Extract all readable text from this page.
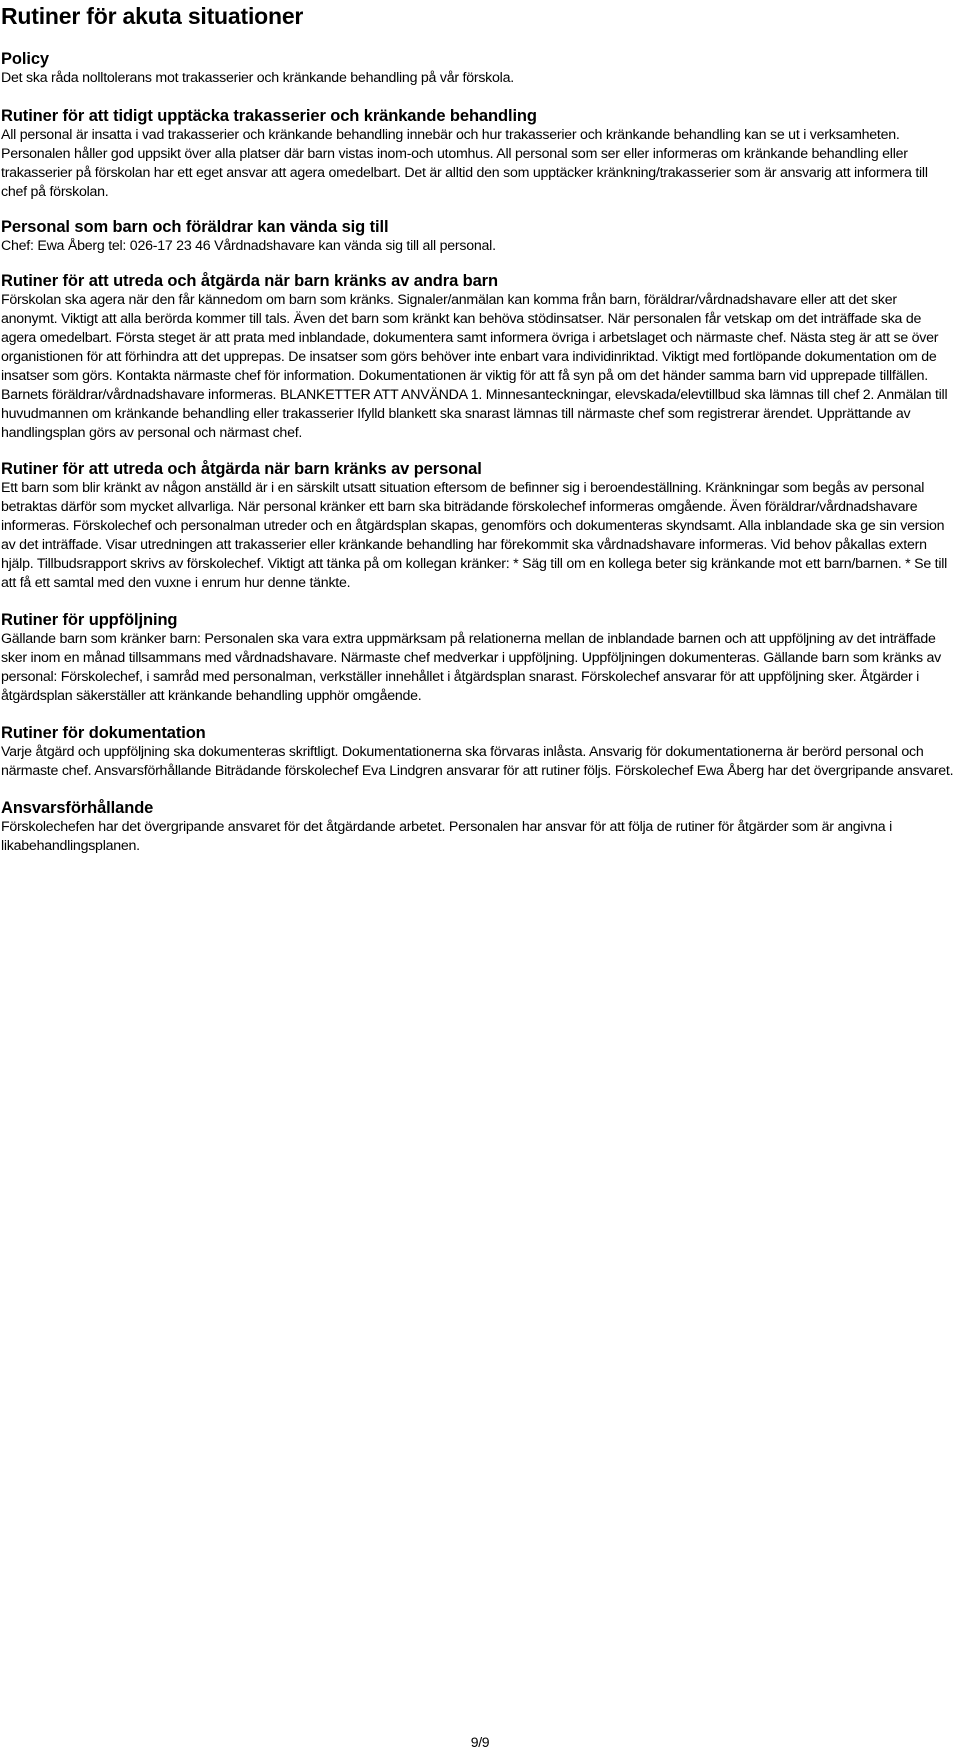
Rutiner för akuta situationer
Policy

Det ska råda nolltolerans mot trakasserier och kränkande behandling på vår förskola.

Rutiner för att tidigt upptäcka trakasserier och kränkande behandling

All personal är insatta i vad trakasserier och kränkande behandling innebär och hur trakasserier och kränkande behandling kan se ut i verksamheten. Personalen håller god uppsikt över alla platser där barn vistas inom-och utomhus. All personal som ser eller informeras om kränkande behandling eller trakasserier på förskolan har ett eget ansvar att agera omedelbart. Det är alltid den som upptäcker kränkning/trakasserier som är ansvarig att informera till chef på förskolan.

Personal som barn och föräldrar kan vända sig till

Chef: Ewa Åberg tel: 026-17 23 46 Vårdnadshavare kan vända sig till all personal.

Rutiner för att utreda och åtgärda när barn kränks av andra barn

Förskolan ska agera när den får kännedom om barn som kränks. Signaler/anmälan kan komma från barn, föräldrar/vårdnadshavare eller att det sker anonymt. Viktigt att alla berörda kommer till tals. Även det barn som kränkt kan behöva stödinsatser. När personalen får vetskap om det inträffade ska de agera omedelbart. Första steget är att prata med inblandade, dokumentera samt informera övriga i arbetslaget och närmaste chef. Nästa steg är att se över organistionen för att förhindra att det upprepas. De insatser som görs behöver inte enbart vara individinriktad. Viktigt med fortlöpande dokumentation om de insatser som görs. Kontakta närmaste chef för information. Dokumentationen är viktig för att få syn på om det händer samma barn vid upprepade tillfällen. Barnets föräldrar/vårdnadshavare informeras. BLANKETTER ATT ANVÄNDA 1. Minnesanteckningar, elevskada/elevtillbud ska lämnas till chef 2. Anmälan till huvudmannen om kränkande behandling eller trakasserier Ifylld blankett ska snarast lämnas till närmaste chef som registrerar ärendet. Upprättande av handlingsplan görs av personal och närmast chef.

Rutiner för att utreda och åtgärda när barn kränks av personal

Ett barn som blir kränkt av någon anställd är i en särskilt utsatt situation eftersom de befinner sig i beroendeställning. Kränkningar som begås av personal betraktas därför som mycket allvarliga. När personal kränker ett barn ska biträdande förskolechef informeras omgående. Även föräldrar/vårdnadshavare informeras. Förskolechef och personalman utreder och en åtgärdsplan skapas, genomförs och dokumenteras skyndsamt. Alla inblandade ska ge sin version av det inträffade. Visar utredningen att trakasserier eller kränkande behandling har förekommit ska vårdnadshavare informeras. Vid behov påkallas extern hjälp. Tillbudsrapport skrivs av förskolechef. Viktigt att tänka på om kollegan kränker: * Säg till om en kollega beter sig kränkande mot ett barn/barnen. * Se till att få ett samtal med den vuxne i enrum hur denne tänkte.

Rutiner för uppföljning

Gällande barn som kränker barn: Personalen ska vara extra uppmärksam på relationerna mellan de inblandade barnen och att uppföljning av det inträffade sker inom en månad tillsammans med vårdnadshavare. Närmaste chef medverkar i uppföljning. Uppföljningen dokumenteras. Gällande barn som kränks av personal: Förskolechef, i samråd med personalman, verkställer innehållet i åtgärdsplan snarast. Förskolechef ansvarar för att uppföljning sker. Åtgärder i åtgärdsplan säkerställer att kränkande behandling upphör omgående.

Rutiner för dokumentation

Varje åtgärd och uppföljning ska dokumenteras skriftligt. Dokumentationerna ska förvaras inlåsta. Ansvarig för dokumentationerna är berörd personal och närmaste chef. Ansvarsförhållande Biträdande förskolechef Eva Lindgren ansvarar för att rutiner följs. Förskolechef Ewa Åberg har det övergripande ansvaret.

Ansvarsförhållande

Förskolechefen har det övergripande ansvaret för det åtgärdande arbetet. Personalen har ansvar för att följa de rutiner för åtgärder som är angivna i likabehandlingsplanen.

9/9
